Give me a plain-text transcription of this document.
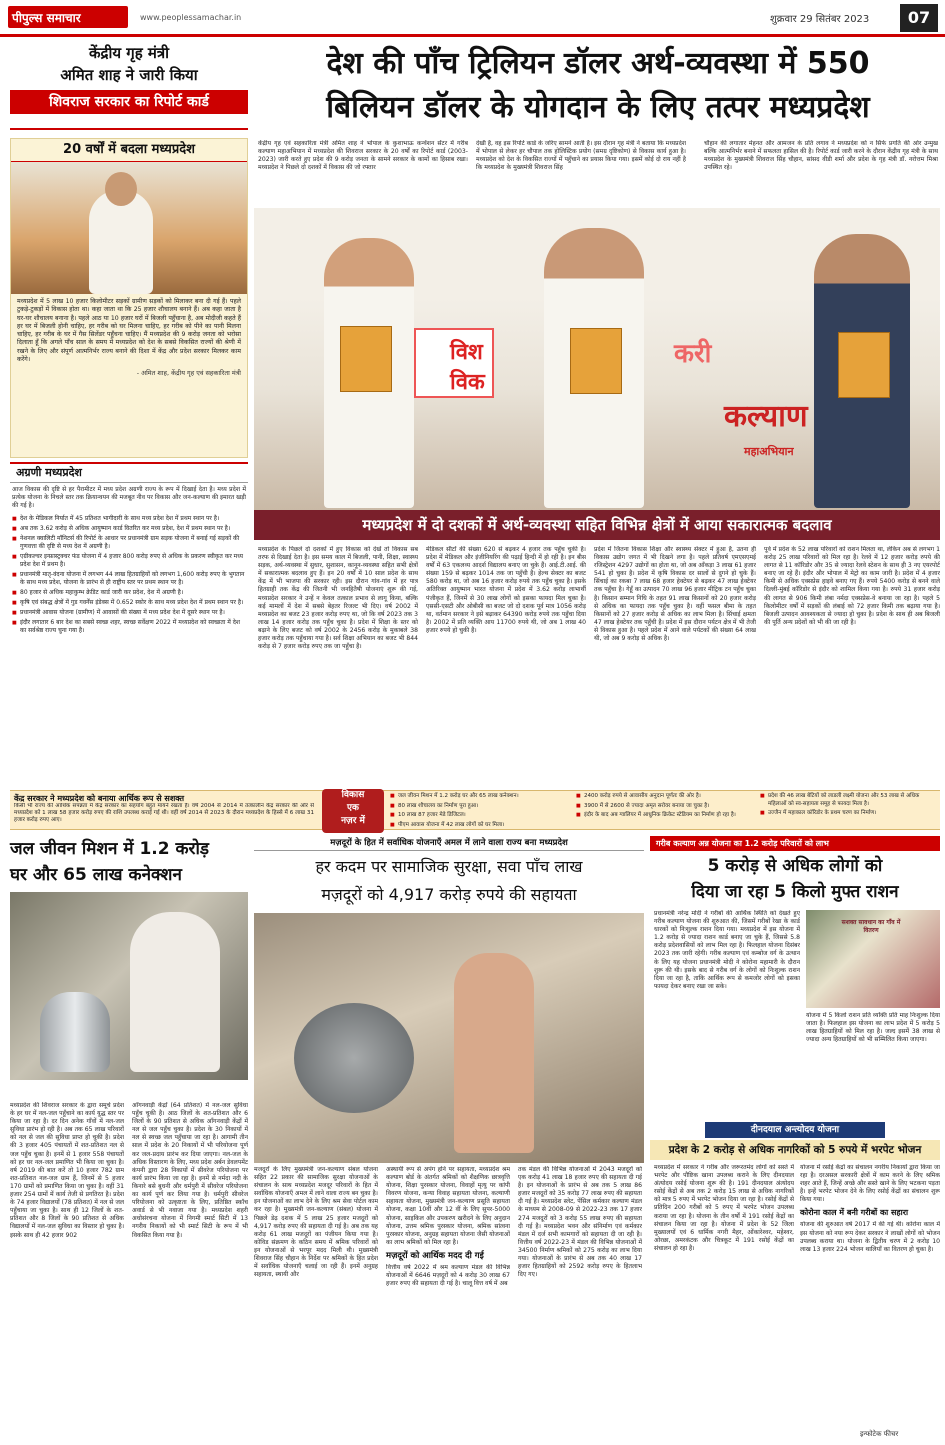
पीपुल्स समाचार	www.peoplessamachar.in	शुक्रवार 29 सितंबर 2023	07
केंद्रीय गृह मंत्री
अमित शाह ने जारी किया
शिवराज सरकार का रिपोर्ट कार्ड
देश की पाँच ट्रिलियन डॉलर अर्थ-व्यवस्था में 550
बिलियन डॉलर के योगदान के लिए तत्पर मध्यप्रदेश
20 वर्षों में बदला मध्यप्रदेश
मध्यप्रदेश में 5 लाख 10 हजार किलोमीटर सड़कों ग्रामीण सड़कों को मिलाकर बना दी गई हैं। पहले टुकड़े-टुकड़ों में विकास होता था। कहा जाता था कि 25 हजार शौचालय बनाने हैं। अब कहा जाता है घर-घर शौचालय बनाना है। पहले आठ या 10 हजार घरों में बिजली पहुँचाना है, अब मोदीजी कहते हैं हर घर में बिजली होनी चाहिए, हर गरीब को घर मिलना चाहिए, हर गरीब को पीने का पानी मिलना चाहिए, हर गरीब के घर में गैस सिलेंडर पहुँचना चाहिए। मैं मध्यप्रदेश की 9 करोड़ जनता को भरोसा दिलाता हूँ कि अगले पाँच साल के समय में मध्यप्रदेश को देश के सबसे विकसित राज्यों की श्रेणी में रखने के लिए और संपूर्ण आत्मनिर्भर राज्य बनाने की दिशा में केंद्र और प्रदेश सरकार मिलकर काम करेंगे।
- अमित शाह, केंद्रीय गृह एवं सहकारिता मंत्री
अग्रणी मध्यप्रदेश
आज विकास की दृष्टि से हर पैरामीटर में मध्य प्रदेश अग्रणी राज्य के रूप में दिखाई देता है। मध्य प्रदेश में प्रत्येक योजना के निचले स्तर तक क्रियान्वयन की मजबूत नीव पर विकास और जन-कल्याण की इमारत खड़ी की गई है।
■ देश के मेडिकल निर्यात में 45 प्रतिशत भागीदारी के साथ मध्य प्रदेश देश में प्रथम स्थान पर है।
■ अब तक 3.62 करोड़ से अधिक आयुष्मान कार्ड वितरित कर मध्य प्रदेश, देश में प्रथम स्थान पर है।
■ नेशनल क्वालिटी मॉनिटर्स की रिपोर्ट के आधार पर प्रधानमंत्री ग्राम सड़क योजना में बनाई गई सड़कों की गुणवत्ता की दृष्टि से मध्य देश में अग्रणी है।
■ एग्रीकल्चर इन्फ्रास्ट्रक्चर फंड योजना में 4 हजार 800 करोड़ रुपए से अधिक के प्रकरण स्वीकृत कर मध्य प्रदेश देश में प्रथम है।
■ प्रधानमंत्री मातृ-वंदना योजना में लगभग 44 लाख हितग्राहियों को लगभग 1,600 करोड़ रुपए के भुगतान के साथ मध्य प्रदेश, योजना के प्रारंभ से ही राष्ट्रीय स्तर पर प्रथम स्थान पर है।
■ 80 हजार से अधिक महाकुम्भ क्रेडिट कार्ड जारी कर प्रदेश, देश में अग्रणी है।
■ कृषि एवं संबद्ध क्षेत्रों में गुड गवर्नेंस इंडेक्स में 0.652 स्कोर के साथ मध्य प्रदेश देश में प्रथम स्थान पर है।
■ प्रधानमंत्री आवास योजना (ग्रामीण) में आवासों की संख्या में मध्य प्रदेश देश में दूसरे स्थान पर है।
■ इंदौर लगातार 6 बार देश का सबसे स्वच्छ शहर, स्वच्छ सर्वेक्षण 2022 में मध्यप्रदेश को स्वच्छता में देश का सर्वश्रेष्ठ राज्य चुना गया है।
केंद्रीय गृह एवं सहकारिता मंत्री अमित शाह ने भोपाल के कुशाभाऊ कन्वेंशन सेंटर में गरीब कल्याण महाअभियान में मध्यप्रदेश की शिवराज सरकार के 20 वर्षों का रिपोर्ट कार्ड (2003-2023) जारी करते हुए प्रदेश की 9 करोड़ जनता के सामने सरकार के कामों का हिसाब रखा। मध्यप्रदेश ने पिछले दो दशकों में विकास की जो रफ्तार
देखी है, वह इस रिपोर्ट कार्ड के जरिए सामने आती है। इस दौरान गृह मंत्री ने बताया कि मध्यप्रदेश में भोपाल से लेकर हर चौपाल तक होलिस्टिक प्रयोग (समग्र दृष्टिकोण) से विकास कार्य हुआ है। मध्यप्रदेश को देश के विकसित राज्यों में पहुँचाने का प्रयास किया गया। इसमें कोई दो राय नहीं है कि मध्यप्रदेश के मुख्यमंत्री शिवराज सिंह
चौहान की लगातार मेहनत और आमजन के प्रति लगाव ने मध्यप्रदेश को न सिर्फ प्रगति की ओर उन्मुख बल्कि आत्मनिर्भर बनाने में सफलता हासिल की है। रिपोर्ट कार्ड जारी करने के दौरान केंद्रीय गृह मंत्री के साथ मध्यप्रदेश के मुख्यमंत्री शिवराज सिंह चौहान, सांसद वीडी शर्मा और प्रदेश के गृह मंत्री डॉ. नरोत्तम मिश्रा उपस्थित रहे।
विश
विक
करी
कल्याण
महाअभियान
मध्यप्रदेश में दो दशकों में अर्थ-व्यवस्था सहित विभिन्न क्षेत्रों में आया सकारात्मक बदलाव
मध्यप्रदेश के पिछले दो दशकों में हुए विकास को देखें तो विकास सब तरफ से दिखाई देता है। इस समय काल में बिजली, पानी, शिक्षा, स्वास्थ्य सड़क, अर्थ-व्यवस्था में सुधार, सुशासन, कानून-व्यवस्था सहित सभी क्षेत्रों में सकारात्मक बदलाव हुए हैं। इन 20 वर्षों में 10 साल प्रदेश के साथ केंद्र में भी भाजपा की सरकार रही। इस दौरान गांव-गांव में हर पात्र हितग्राही तक केंद्र की जितनी भी जनहितैषी योजनाएं शुरू की गई, मध्यप्रदेश सरकार ने उन्हें न केवल तत्काल प्रभाव से लागू किया, बल्कि कई मामलों में देश में सबसे बेहतर रिजल्ट भी दिए। वर्ष 2002 में मध्यप्रदेश का बजट 23 हजार करोड़ रुपए था, जो कि वर्ष 2023 तक 3 लाख 14 हजार करोड़ तक पहुँच चुका है। प्रदेश में शिक्षा के स्तर को बढ़ाने के लिए बजट को वर्ष 2002 के 2456 करोड़ के मुकाबले 38 हजार करोड़ तक पहुँचाया गया है। सर्व शिक्षा अभियान का बजट भी 844 करोड़ से 7 हजार करोड़ रुपए तक जा पहुँचा है।
मेडिकल सीटों की संख्या 620 से बढ़कर 4 हजार तक पहुँच चुकी है। प्रदेश में मेडिकल और इंजीनियरिंग की पढ़ाई हिन्दी में हो रही है। इन बीस वर्षों में 63 एकलव्य आदर्श विद्यालय बनाए जा चुके हैं। आई.टी.आई. की संख्या 159 से बढ़कर 1014 तक जा पहुँची है। हेल्थ सेक्टर का बजट 580 करोड़ था, जो अब 16 हजार करोड़ रुपये तक पहुँच चुका है। इसके अतिरिक्त आयुष्मान भारत योजना में प्रदेश में 3.62 करोड़ लाभार्थी पंजीकृत हैं, जिनमें से 30 लाख लोगों को इसका फायदा मिल चुका है। एससी-एसटी और ओबीसी का बजट जो दो दशक पूर्व मात्र 1056 करोड़ था, वर्तमान सरकार ने इसे बढ़ाकर 64390 करोड़ रुपये तक पहुँचा दिया है। 2002 में प्रति व्यक्ति आय 11700 रुपये थी, जो अब 1 लाख 40 हजार रुपये हो चुकी है।
प्रदेश में जितना विकास शिक्षा और स्वास्थ्य सेक्टर में हुआ है, उतना ही विकास उद्योग जगत में भी दिखने लगा है। पहले प्रतिवर्ष एमएसएमई रजिस्ट्रेशन 4297 उद्योगों का होता था, जो अब आँकड़ा 3 लाख 61 हजार 541 हो चुका है। प्रदेश में कृषि विकास दर सालों से दुगने हो चुके हैं। सिंचाई का रकबा 7 लाख 68 हजार हेक्टेयर से बढ़कर 47 लाख हेक्टेयर तक पहुँचा है। गेहूँ का उत्पादन 70 लाख 96 हजार मीट्रिक टन पहुँच चुका है। किसान सम्मान निधि के तहत 91 लाख किसानों को 20 हजार करोड़ से अधिक का फायदा तक पहुँच चुका है। वहीं फसल बीमा के तहत किसानों को 27 हजार करोड़ से अधिक का लाभ मिला है। सिंचाई क्षमता 47 लाख हेक्टेयर तक पहुँची है। प्रदेश में इस दौरान पर्यटन क्षेत्र में भी तेजी से विकास हुआ है। पहले प्रदेश में आने वाले पर्यटकों की संख्या 64 लाख थी, जो अब 9 करोड़ से अधिक है।
पूर्व में प्रदेश के 52 लाख परिवारों को राशन मिलता था, लेकिन अब से लगभग 1 करोड़ 25 लाख परिवारों को मिल रहा है। रेलवे में 12 हजार करोड़ रुपये की लागत से 11 कॉरिडोर और 35 से ज्यादा रेलवे स्टेशन के साथ ही 3 नए एयरपोर्ट बनाए जा रहे हैं। इंदौर और भोपाल में मेट्रो का काम जारी है। प्रदेश में 4 हजार किमी से अधिक एक्सप्रेस हाइवे बनाए गए हैं। रुपये 5400 करोड़ से बनने वाले दिल्ली-मुंबई कॉरिडोर से इंदौर को शामिल किया गया है। रुपये 31 हजार करोड़ की लागत से 906 किमी लंबा नर्मदा एक्सप्रेस-वे बनाया जा रहा है। पहले 5 किलोमीटर वर्षों में सड़कों की लंबाई को 72 हजार किमी तक बढ़ाया गया है। बिजली उत्पादन आवश्यकता से ज्यादा हो चुका है। प्रदेश के साथ ही अब बिजली की पूर्ति अन्य प्रदेशों को भी की जा रही है।
केंद्र सरकार ने मध्यप्रदेश को बनाया आर्थिक रूप से सशक्त
किसी भी राज्य की आर्थिक संपन्नता में केंद्र सरकार का सहयोग बहुत मायने रखता है। वर्ष 2004 से 2014 में तत्कालीन केंद्र सरकार की ओर से मध्यप्रदेश को 1 लाख 58 हजार करोड़ रुपए की राशि उपलब्ध कराई गई थी। वहीं वर्ष 2014 से 2023 के दौरान मध्यप्रदेश के हिस्से में 6 लाख 31 हजार करोड़ रुपए आए।
विकास
एक
नज़र में
■ जल जीवन मिशन में 1.2 करोड़ घर और 65 लाख कनेक्शन।
■ 80 लाख शौचालय का निर्माण पूरा हुआ।
■ 10 लाख 87 हजार मेडे डिजिटल।
■ पीएम आवास योजना में 42 लाख लोगों को घर मिला।
■ 2400 करोड़ रुपये से आवासीय अनुदान पूर्णतः की ओर है।
■ 3900 में से 2600 से ज्यादा अमृत सरोवर बनाया जा चुका है।
■ इंदौर के बाद अब ग्वालियर में आधुनिक क्रिकेट स्टेडियम का निर्माण हो रहा है।
■ प्रदेश की 46 लाख बेटियों को लाडली लक्ष्मी योजना और 53 लाख से अधिक महिलाओं को स्व-सहायता समूह से फायदा मिला है।
■ उज्जैन में महाकाल कॉरिडोर के प्रथम चरण का निर्माण।
जल जीवन मिशन में 1.2 करोड़
घर और 65 लाख कनेक्शन
मध्यप्रदेश की शिवराज सरकार के द्वारा समूचे प्रदेश के हर घर में नल-जल पहुँचाने का कार्य युद्ध स्तर पर किया जा रहा है। दर दिन अनेक गाँवों में नल-जल सुविधा प्रारंभ हो रही है। अब तक 65 लाख परिवारों को नल से जल की सुविधा प्राप्त हो चुकी है। प्रदेश की 3 हजार 405 पंचायतों में शत-प्रतिशत नल से जल पहुँच चुका है। इनमें से 1 हजार 558 पंचायतों को हर घर नल-जल प्रमाणित भी किया जा चुका है। वर्ष 2019 की बात करें तो 10 हजार 782 ग्राम शत-प्रतिशत नल-जल ग्राम हैं, जिनमें से 5 हजार 170 ग्रामों को प्रमाणित किया जा चुका है। वहीं 31 हजार 254 ग्रामों में कार्य तेजी से प्रगतिरत है। प्रदेश के 74 हजार विद्यालयों (78 प्रतिशत) में नल से जल पहुँचाया जा चुका है। साथ ही 12 जिलों के शत-प्रतिशत और 8 जिलों के 90 प्रतिशत से अधिक विद्यालयों में नल-जल सुविधा का विस्तार हो चुका है। इसके साथ ही 42 हजार 902
आँगनवाड़ी केंद्रों (64 प्रतिशत) में नल-जल सुविधा पहुँच चुकी है। आठ जिलों के शत-प्रतिशत और 6 जिलों के 90 प्रतिशत से अधिक आँगनवाड़ी केंद्रों में नल से जल पहुँच चुका है। प्रदेश के 30 निकायों में नल से स्वच्छ जल पहुँचाया जा रहा है। आगामी तीन साल में प्रदेश के 20 निकायों में भी परियोजना पूर्ण कर जल-प्रदाय प्रारंभ कर दिया जाएगा। नल-जल के अधिक विस्तारण के लिए, मध्य प्रदेश अर्बन डेवलपमेंट कंपनी द्वारा 28 निकायों में सीवरेज परियोजना पर कार्य प्रारंभ किया जा रहा है। इनमें से नर्मदा नदी के किनारे बसे बुधनी और धर्मपुरी में सीवरेज परियोजना का कार्य पूर्ण कर लिया गया है। धर्मपुरी सीवरेज परियोजना को उत्कृष्टता के लिए, प्रतिष्ठित स्कॉच अवार्ड से भी नवाजा गया है। मध्यप्रदेश शहरी अधोसंरचना योजना में निगमी स्मार्ट सिटी में 13 नगरीय निकायों को भी स्मार्ट सिटी के रूप में भी विकसित किया गया है।
मज़दूरों के हित में सर्वाधिक योजनाएँ अमल में लाने वाला राज्य बना मध्यप्रदेश
हर कदम पर सामाजिक सुरक्षा, सवा पाँच लाख
मज़दूरों को 4,917 करोड़ रुपये की सहायता
मजदूरों के लिए मुख्यमंत्री जन-कल्याण संबल योजना सहित 22 प्रकार की सामाजिक सुरक्षा योजनाओं के संचालन के साथ मध्यप्रदेश मजदूर परिवारों के हित में सर्वाधिक योजनाएँ अमल में लाने वाला राज्य बन चुका है। इन योजनाओं का लाभ देने के लिए श्रम सेवा पोर्टल काम कर रहा है। मुख्यमंत्री जन-कल्याण (संबल) योजना में पिछले डेढ़ दशक में 5 लाख 25 हजार मजदूरों को 4,917 करोड़ रुपए की सहायता दी गई है। अब तक यह करोड़ 61 लाख मजदूरों का पंजीयन किया गया है। कोविड संक्रमण के कठिन समय में श्रमिक परिवारों को इन योजनाओं से भरपूर मदद मिली थी। मुख्यमंत्री शिवराज सिंह चौहान के निर्देश पर श्रमिकों के हित प्रदेश में सर्वाधिक योजनाएँ चलाई जा रही हैं। इनमें अनुग्रह सहायता, स्थायी और
अस्थायी रूप से अपंग होने पर सहायता, मध्यप्रदेश श्रम कल्याण बोर्ड के अंतर्गत श्रमिकों को शैक्षणिक छात्रवृत्ति योजना, शिक्षा पुरस्कार योजना, विवाहों मृत्यु पर कांपी विवरण योजना, कन्या विवाह सहायता योजना, कल्याणी सहायता योजना, मुख्यमंत्री जन-कल्याण प्रसूति सहायता योजना, कक्षा 10वीं और 12 वीं के लिए सुपर-5000 योजना, साइकिल और उपकरण खरीदने के लिए अनुदान योजना, उत्तम श्रमिक पुरस्कार योजना, श्रमिक सांत्वना पुरस्कार योजना, अनुग्रह सहायता योजना जैसी योजनाओं का लाभ श्रमिकों को मिल रहा है।
मज़दूरों को आर्थिक मदद दी गई
वित्तीय वर्ष 2022 में श्रम कल्याण मंडल की विभिन्न योजनाओं में 6646 मज़दूरों को 4 करोड़ 30 लाख 67 हजार रुपए की सहायता दी गई है। चालू वित्त वर्ष में अब
तक मंडल की विभिन्न योजनाओं में 2043 मजदूरों को एक करोड़ 41 लाख 18 हजार रुपए की सहायता दी गई है। इन योजनाओं के प्रारंभ से अब तक 5 लाख 86 हजार मजदूरों को 35 करोड़ 77 लाख रुपए की सहायता दी गई है। मध्यप्रदेश स्लेट, पेंसिल कर्मकार कल्याण मंडल के माध्यम से 2008-09 से 2022-23 तक 17 हजार 274 मजदूरों को 3 करोड़ 55 लाख रुपए की सहायता दी गई है। मध्यप्रदेश भवन और संनिर्माण एवं कर्मकार मंडल में दर्ज सभी कामगारों को सहायता दी जा रही है। वित्तीय वर्ष 2022-23 में मंडल की विभिन्न योजनाओं में 34500 निर्माण श्रमिकों को 275 करोड़ का लाभ दिया गया। योजनाओं के प्रारंभ से अब तक 40 लाख 17 हजार हितग्राहियों को 2592 करोड़ रुपए के हितलाभ दिए गए।
गरीब कल्याण अन्न योजना का 1.2 करोड़ परिवारों को लाभ
5 करोड़ से अधिक लोगों को
दिया जा रहा 5 किलो मुफ्त राशन
प्रधानमंत्री नरेन्द्र मोदी ने गरीबों की आर्थिक स्थिति को देखते हुए गरीब कल्याण योजना की शुरुआत की, जिसमें गरीबों रेखा के कार्ड धारकों को निःशुल्क राशन दिया गया। मध्यप्रदेश में इस योजना में 1.2 करोड़ से ज्यादा राशन कार्ड बनाए जा चुके हैं, जिससे 5.8 करोड़ प्रदेशवासियों को लाभ मिल रहा है। फिलहाल योजना दिसंबर 2023 तक जारी रहेगी। गरीब कल्याण एवं कम्बोज वर्ग के उत्थान के लिए यह योजना प्रधानमंत्री मोदी ने कोरोना महामारी के दौरान शुरू की थी। इसके बाद से गरीब वर्ग के लोगों को निःशुल्क राशन दिया जा रहा है, ताकि आर्थिक रूप से कमजोर लोगों को इसका फायदा देकर बनाए रखा जा सके।
सशक्त सावधान का गाँव में वितरण
योजना में 5 किलो राशन प्रति व्यक्ति प्रति माह निःशुल्क दिया जाता है। फिलहाल इस योजना का लाभ प्रदेश में 5 करोड़ 5 लाख हितग्राहियों को मिल रहा है। जल्द इसमें 38 लाख से ज्यादा अन्य हितग्राहियों को भी सम्मिलित किया जाएगा।
दीनदयाल अन्त्योदय योजना
प्रदेश के 2 करोड़ से अधिक नागरिकों को 5 रुपये में भरपेट भोजन
मध्यप्रदेश में सरकार ने गरीब और जरूरतमंद लोगों को सस्ते में भरपेट और पौष्टिक खाना उपलब्ध कराने के लिए दीनदयाल अंत्योदय रसोई योजना शुरू की है। 191 दीनदयाल अंत्योदय रसोई केंद्रों से अब तक 2 करोड़ 15 लाख से अधिक नागरिकों को मात्र 5 रुपए में भरपेट भोजन दिया जा रहा है। रसोई केंद्रों से प्रतिदिन 200 गरीबों को 5 रुपए में भरपेट भोजन उपलब्ध कराया जा रहा है। योजना के तीन वर्षों में 191 रसोई केंद्रों का संचालन किया जा रहा है। योजना में प्रदेश के 52 जिला मुख्यालयों एवं 6 धार्मिक नगरी मैहर, ओंकारेश्वर, महेश्वर, ओरछा, अमरकंटक और चित्रकूट में 191 रसोई केंद्रों का संचालन हो रहा है।
योजना में रसोई केंद्रों का संचालन नगरीय निकायों द्वारा किया जा रहा है। दरअसल सरकारी क्षेत्रों में काम करने के लिए श्रमिक शहर आते हैं, जिन्हें अच्छे और सस्ते खाने के लिए भटकना पड़ता है। इन्हें भरपेट भोजन देने के लिए रसोई केंद्रों का संचालन शुरू किया गया।
कोरोना काल में बनी गरीबों का सहारा
योजना की शुरुआत वर्ष 2017 में की गई थी। कोरोना काल में इस योजना को नया रूप देकर सरकार ने लाखों लोगों को भोजन उपलब्ध कराया था। योजना के द्वितीय चरण में 2 करोड़ 10 लाख 13 हजार 224 भोजन थालियाँ का वितरण हो चुका है।
इन्फोटेक फीचर
